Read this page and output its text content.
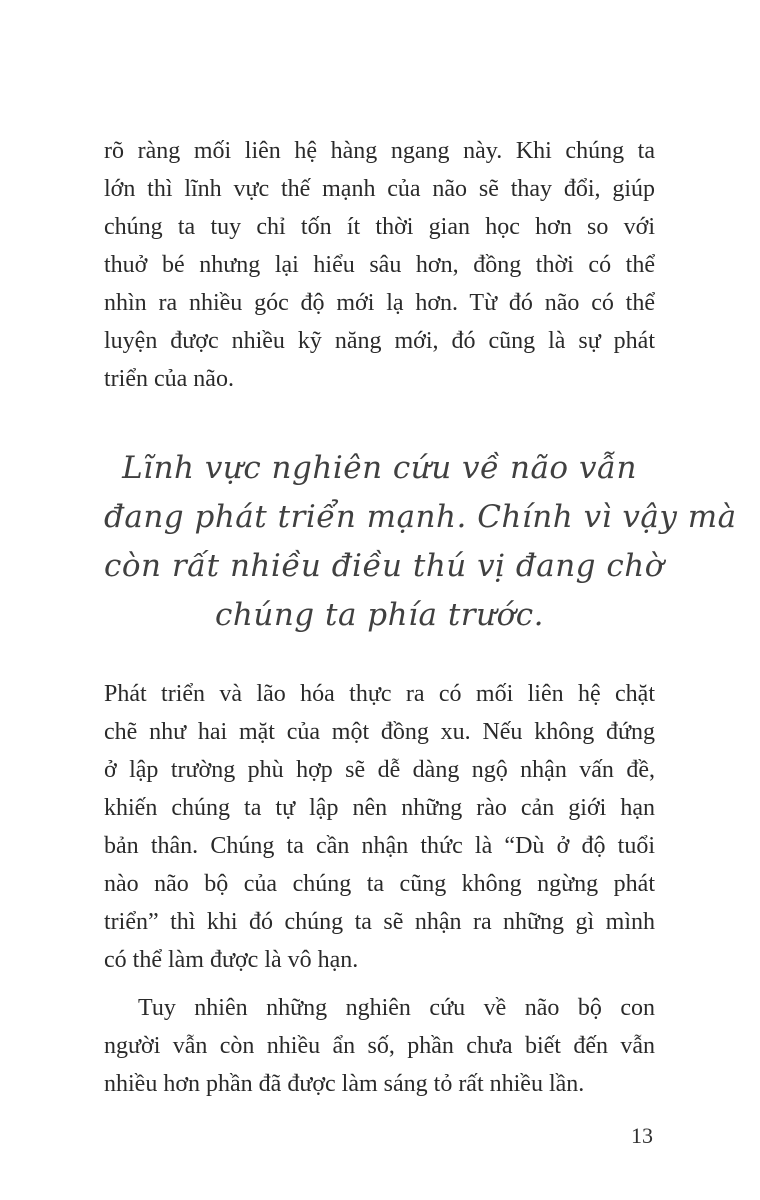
rõ ràng mối liên hệ hàng ngang này. Khi chúng ta
lớn thì lĩnh vực thế mạnh của não sẽ thay đổi, giúp
chúng ta tuy chỉ tốn ít thời gian học hơn so với
thuở bé nhưng lại hiểu sâu hơn, đồng thời có thể
nhìn ra nhiều góc độ mới lạ hơn. Từ đó não có thể
luyện được nhiều kỹ năng mới, đó cũng là sự phát
triển của não.
Lĩnh vực nghiên cứu về não vẫn
đang phát triển mạnh. Chính vì vậy mà
còn rất nhiều điều thú vị đang chờ
chúng ta phía trước.
Phát triển và lão hóa thực ra có mối liên hệ chặt
chẽ như hai mặt của một đồng xu. Nếu không đứng
ở lập trường phù hợp sẽ dễ dàng ngộ nhận vấn đề,
khiến chúng ta tự lập nên những rào cản giới hạn
bản thân. Chúng ta cần nhận thức là “Dù ở độ tuổi
nào não bộ của chúng ta cũng không ngừng phát
triển” thì khi đó chúng ta sẽ nhận ra những gì mình
có thể làm được là vô hạn.
Tuy nhiên những nghiên cứu về não bộ con
người vẫn còn nhiều ẩn số, phần chưa biết đến vẫn
nhiều hơn phần đã được làm sáng tỏ rất nhiều lần.
13
